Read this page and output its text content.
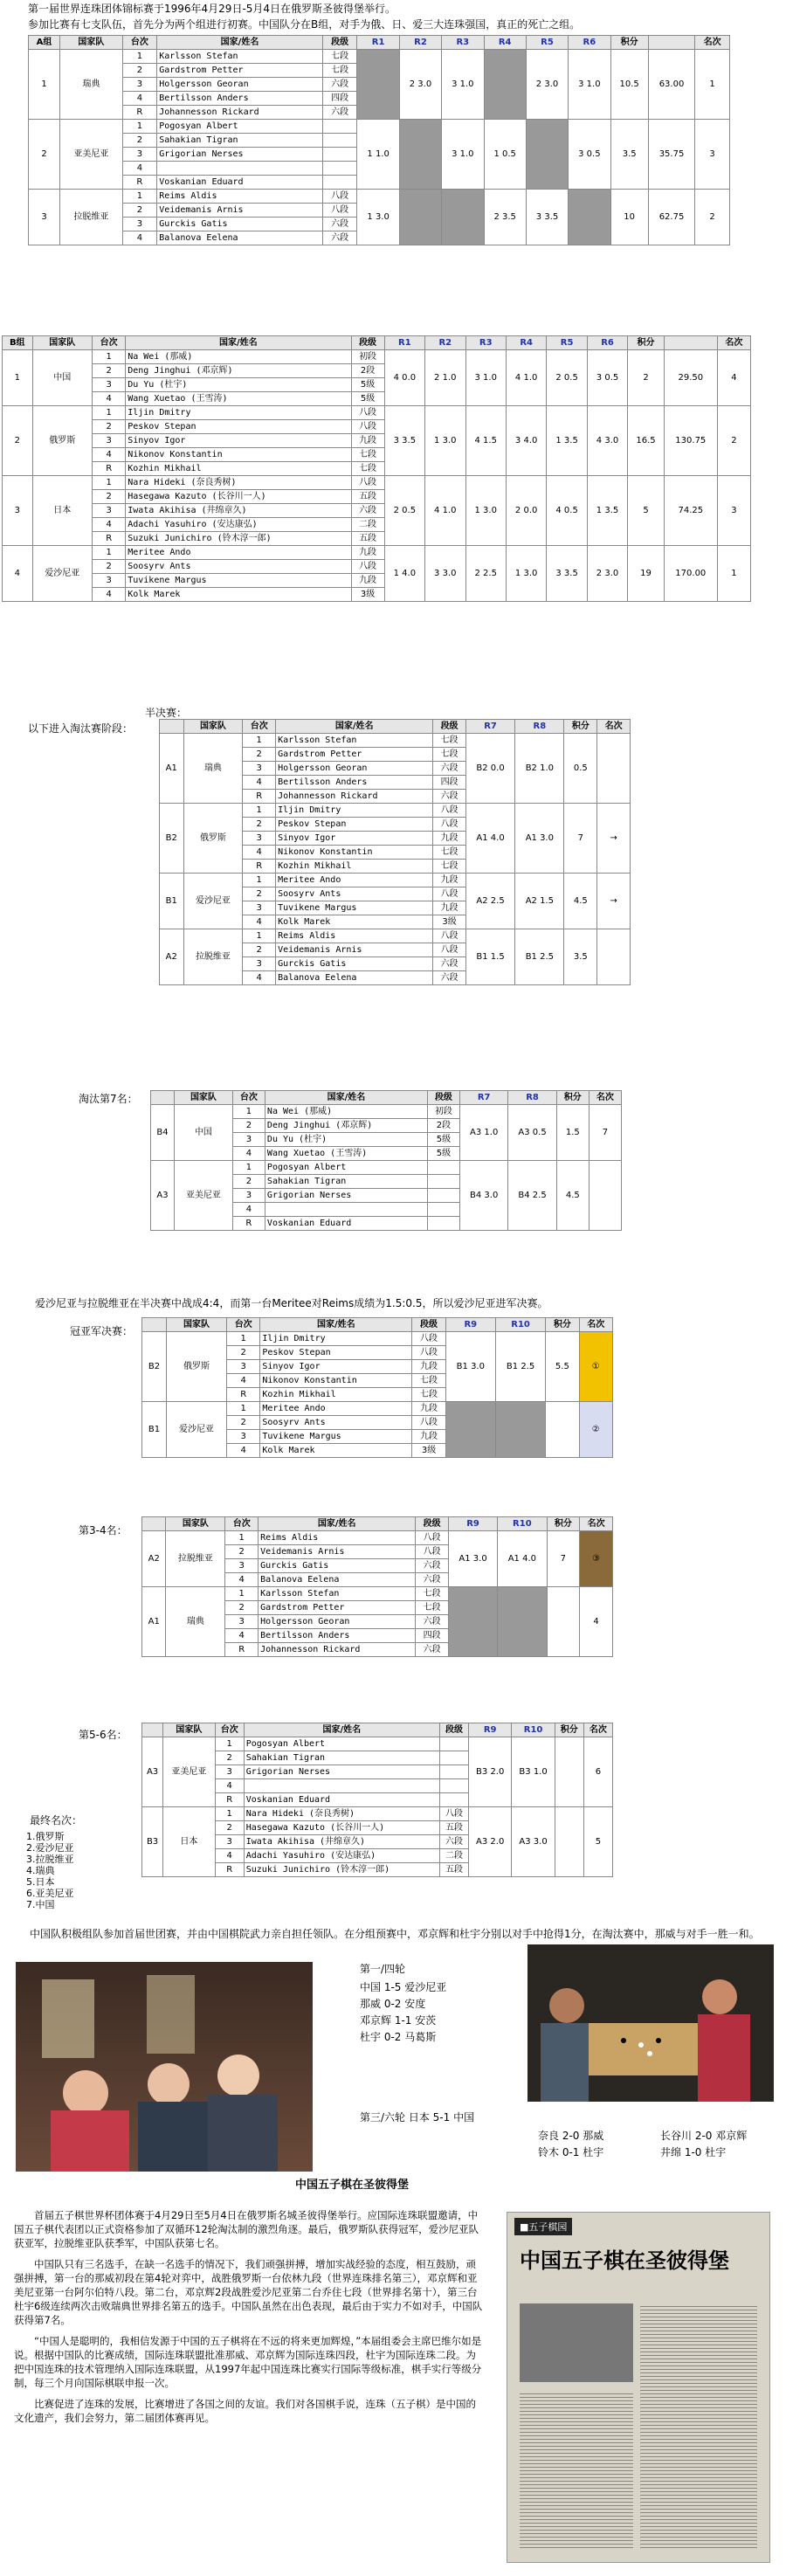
第一届世界连珠团体锦标赛于1996年4月29日-5月4日在俄罗斯圣彼得堡举行。
参加比赛有七支队伍，首先分为两个组进行初赛。中国队分在B组，对手为俄、日、爱三大连珠强国，真正的死亡之组。
A组	国家队	台次	国家/姓名	段级	R1	R2	R3	R4	R5	R6	积分		名次
1	瑞典	1	Karlsson Stefan	七段		2 3.0	3 1.0		2 3.0	3 1.0	10.5	63.00	1
		2	Gardstrom Petter	七段									
		3	Holgersson Georan	六段									
		4	Bertilsson Anders	四段									
		R	Johannesson Rickard	六段									
2	亚美尼亚	1	Pogosyan Albert		1 1.0		3 1.0	1 0.5		3 0.5	3.5	35.75	3
		2	Sahakian Tigran										
		3	Grigorian Nerses										
		4											
		R	Voskanian Eduard										
3	拉脱维亚	1	Reims Aldis	八段	1 3.0			2 3.5	3 3.5		10	62.75	2
		2	Veidemanis Arnis	八段									
		3	Gurckis Gatis	六段									
		4	Balanova Eelena	六段									
B组	国家队	台次	国家/姓名	段级	R1	R2	R3	R4	R5	R6	积分		名次
1	中国	1	Na Wei (那威)	初段	4 0.0	2 1.0	3 1.0	4 1.0	2 0.5	3 0.5	2	29.50	4
		2	Deng Jinghui (邓京辉)	2段									
		3	Du Yu (杜宇)	5级									
		4	Wang Xuetao (王雪涛)	5级									
2	俄罗斯	1	Iljin Dmitry	八段	3 3.5	1 3.0	4 1.5	3 4.0	1 3.5	4 3.0	16.5	130.75	2
		2	Peskov Stepan	八段									
		3	Sinyov Igor	九段									
		4	Nikonov Konstantin	七段									
		R	Kozhin Mikhail	七段									
3	日本	1	Nara Hideki (奈良秀树)	八段	2 0.5	4 1.0	1 3.0	2 0.0	4 0.5	1 3.5	5	74.25	3
		2	Hasegawa Kazuto (长谷川一人)	五段									
		3	Iwata Akihisa (井绵章久)	六段									
		4	Adachi Yasuhiro (安达康弘)	二段									
		R	Suzuki Junichiro (铃木淳一郎)	五段									
4	爱沙尼亚	1	Meritee Ando	九段	1 4.0	3 3.0	2 2.5	1 3.0	3 3.5	2 3.0	19	170.00	1
		2	Soosyrv Ants	八段									
		3	Tuvikene Margus	九段									
		4	Kolk Marek	3级									
以下进入淘汰赛阶段：
半决赛：
	国家队	台次	国家/姓名	段级	R7	R8	积分	名次
A1	瑞典	1	Karlsson Stefan	七段	B2 0.0	B2 1.0	0.5	
		2	Gardstrom Petter	七段				
		3	Holgersson Georan	六段				
		4	Bertilsson Anders	四段				
		R	Johannesson Rickard	六段				
B2	俄罗斯	1	Iljin Dmitry	八段	A1 4.0	A1 3.0	7	→
		2	Peskov Stepan	八段				
		3	Sinyov Igor	九段				
		4	Nikonov Konstantin	七段				
		R	Kozhin Mikhail	七段				
B1	爱沙尼亚	1	Meritee Ando	九段	A2 2.5	A2 1.5	4.5	→
		2	Soosyrv Ants	八段				
		3	Tuvikene Margus	九段				
		4	Kolk Marek	3级				
A2	拉脱维亚	1	Reims Aldis	八段	B1 1.5	B1 2.5	3.5	
		2	Veidemanis Arnis	八段				
		3	Gurckis Gatis	六段				
		4	Balanova Eelena	六段				
淘汰第7名：
		国家队	台次	国家/姓名	段级	R7	R8	积分	名次
B4	中国	1	Na Wei (那威)	初段	A3 1.0	A3 0.5	1.5	7
		2	Deng Jinghui (邓京辉)	2段				
		3	Du Yu (杜宇)	5级				
		4	Wang Xuetao (王雪涛)	5级				
A3	亚美尼亚	1	Pogosyan Albert		B4 3.0	B4 2.5	4.5	
		2	Sahakian Tigran					
		3	Grigorian Nerses					
		4						
		R	Voskanian Eduard					
爱沙尼亚与拉脱维亚在半决赛中战成4:4，而第一台Meritee对Reims成绩为1.5:0.5，所以爱沙尼亚进军决赛。
冠亚军决赛：
	国家队	台次	国家/姓名	段级	R9	R10	积分	名次
B2	俄罗斯	1	Iljin Dmitry	八段	B1 3.0	B1 2.5	5.5	①
		2	Peskov Stepan	八段				
		3	Sinyov Igor	九段				
		4	Nikonov Konstantin	七段				
		R	Kozhin Mikhail	七段				
B1	爱沙尼亚	1	Meritee Ando	九段				②
		2	Soosyrv Ants	八段				
		3	Tuvikene Margus	九段				
		4	Kolk Marek	3级				
第3-4名：
	国家队	台次	国家/姓名	段级	R9	R10	积分	名次
A2	拉脱维亚	1	Reims Aldis	八段	A1 3.0	A1 4.0	7	③
		2	Veidemanis Arnis	八段				
		3	Gurckis Gatis	六段				
		4	Balanova Eelena	六段				
A1	瑞典	1	Karlsson Stefan	七段				4
		2	Gardstrom Petter	七段				
		3	Holgersson Georan	六段				
		4	Bertilsson Anders	四段				
		R	Johannesson Rickard	六段				
第5-6名：
		国家队	台次	国家/姓名	段级	R9	R10	积分	名次
A3	亚美尼亚	1	Pogosyan Albert		B3 2.0	B3 1.0		6
		2	Sahakian Tigran					
		3	Grigorian Nerses					
		4						
		R	Voskanian Eduard					
B3	日本	1	Nara Hideki (奈良秀树)	八段	A3 2.0	A3 3.0		5
		2	Hasegawa Kazuto (长谷川一人)	五段				
		3	Iwata Akihisa (井绵章久)	六段				
		4	Adachi Yasuhiro (安达康弘)	二段				
		R	Suzuki Junichiro (铃木淳一郎)	五段				
最终名次：
1.俄罗斯
2.爱沙尼亚
3.拉脱维亚
4.瑞典
5.日本
6.亚美尼亚
7.中国
中国队积极组队参加首届世团赛，并由中国棋院武力亲自担任领队。在分组预赛中，邓京辉和杜宇分别以对手中抢得1分，在淘汰赛中，那威与对手一胜一和。
第一/四轮
中国 1-5 爱沙尼亚
那威 0-2 安度
邓京辉 1-1 安茨
杜宇 0-2 马葛斯
第三/六轮 日本 5-1 中国
奈良 2-0 那威	长谷川 2-0 邓京辉
铃木 0-1 杜宇	井绵 1-0 杜宇
中国五子棋在圣彼得堡
首届五子棋世界杯团体赛于4月29日至5月4日在俄罗斯名城圣彼得堡举行。应国际连珠联盟邀请，中国五子棋代表团以正式资格参加了双循环12轮淘汰制的激烈角逐。最后，俄罗斯队获得冠军，爱沙尼亚队获亚军，拉脱维亚队获季军，中国队获第七名。
中国队只有三名选手，在缺一名选手的情况下，我们顽强拼搏，增加实战经验的态度，相互鼓励，顽强拼搏，第一台的那威初段在第4轮对弈中，战胜俄罗斯一台依林九段（世界连珠排名第三），邓京辉和亚美尼亚第一台阿尔伯特八段。第二台，邓京辉2段战胜爱沙尼亚第二台乔住七段（世界排名第十），第三台杜宇6级连续两次击败瑞典世界排名第五的选手。中国队虽然在出色表现，最后由于实力不如对手，中国队获得第7名。
“中国人是聪明的，我相信发源于中国的五子棋将在不远的将来更加辉煌，”本届组委会主席巴维尔如是说。根据中国队的比赛成绩，国际连珠联盟批准那威、邓京辉为国际连珠四段，杜宇为国际连珠二段。为把中国连珠的技术管理纳入国际连珠联盟，从1997年起中国连珠比赛实行国际等级标准，棋手实行等级分制，每三个月向国际棋联申报一次。
比赛促进了连珠的发展，比赛增进了各国之间的友谊。我们对各国棋手说，连珠（五子棋）是中国的文化遗产，我们会努力，第二届团体赛再见。
■五子棋园
中国五子棋在圣彼得堡
